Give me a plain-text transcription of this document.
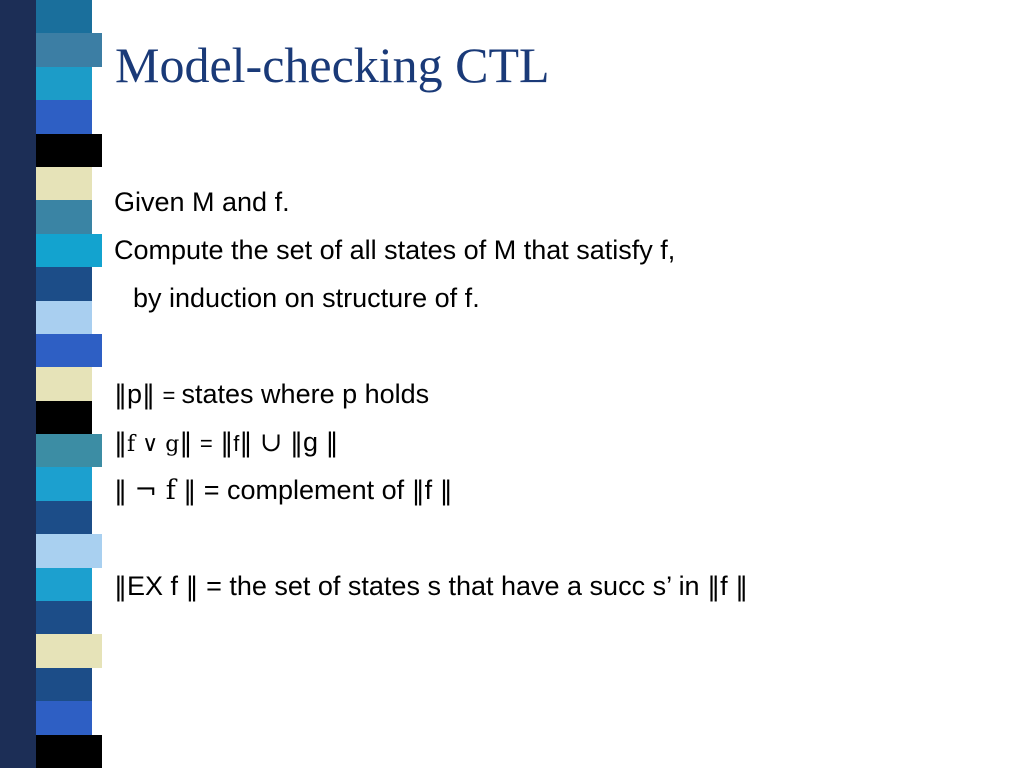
Model-checking CTL
Given M and f.
Compute the set of all states of M that satisfy f,
by induction on structure of f.
‖p‖ = states where p holds
‖f ∨ g‖ = ‖f‖ ∪ ‖g ‖
‖ ¬ f ‖ = complement of ‖f ‖
‖EX f ‖ = the set of states s that have a succ s’ in ‖f ‖
